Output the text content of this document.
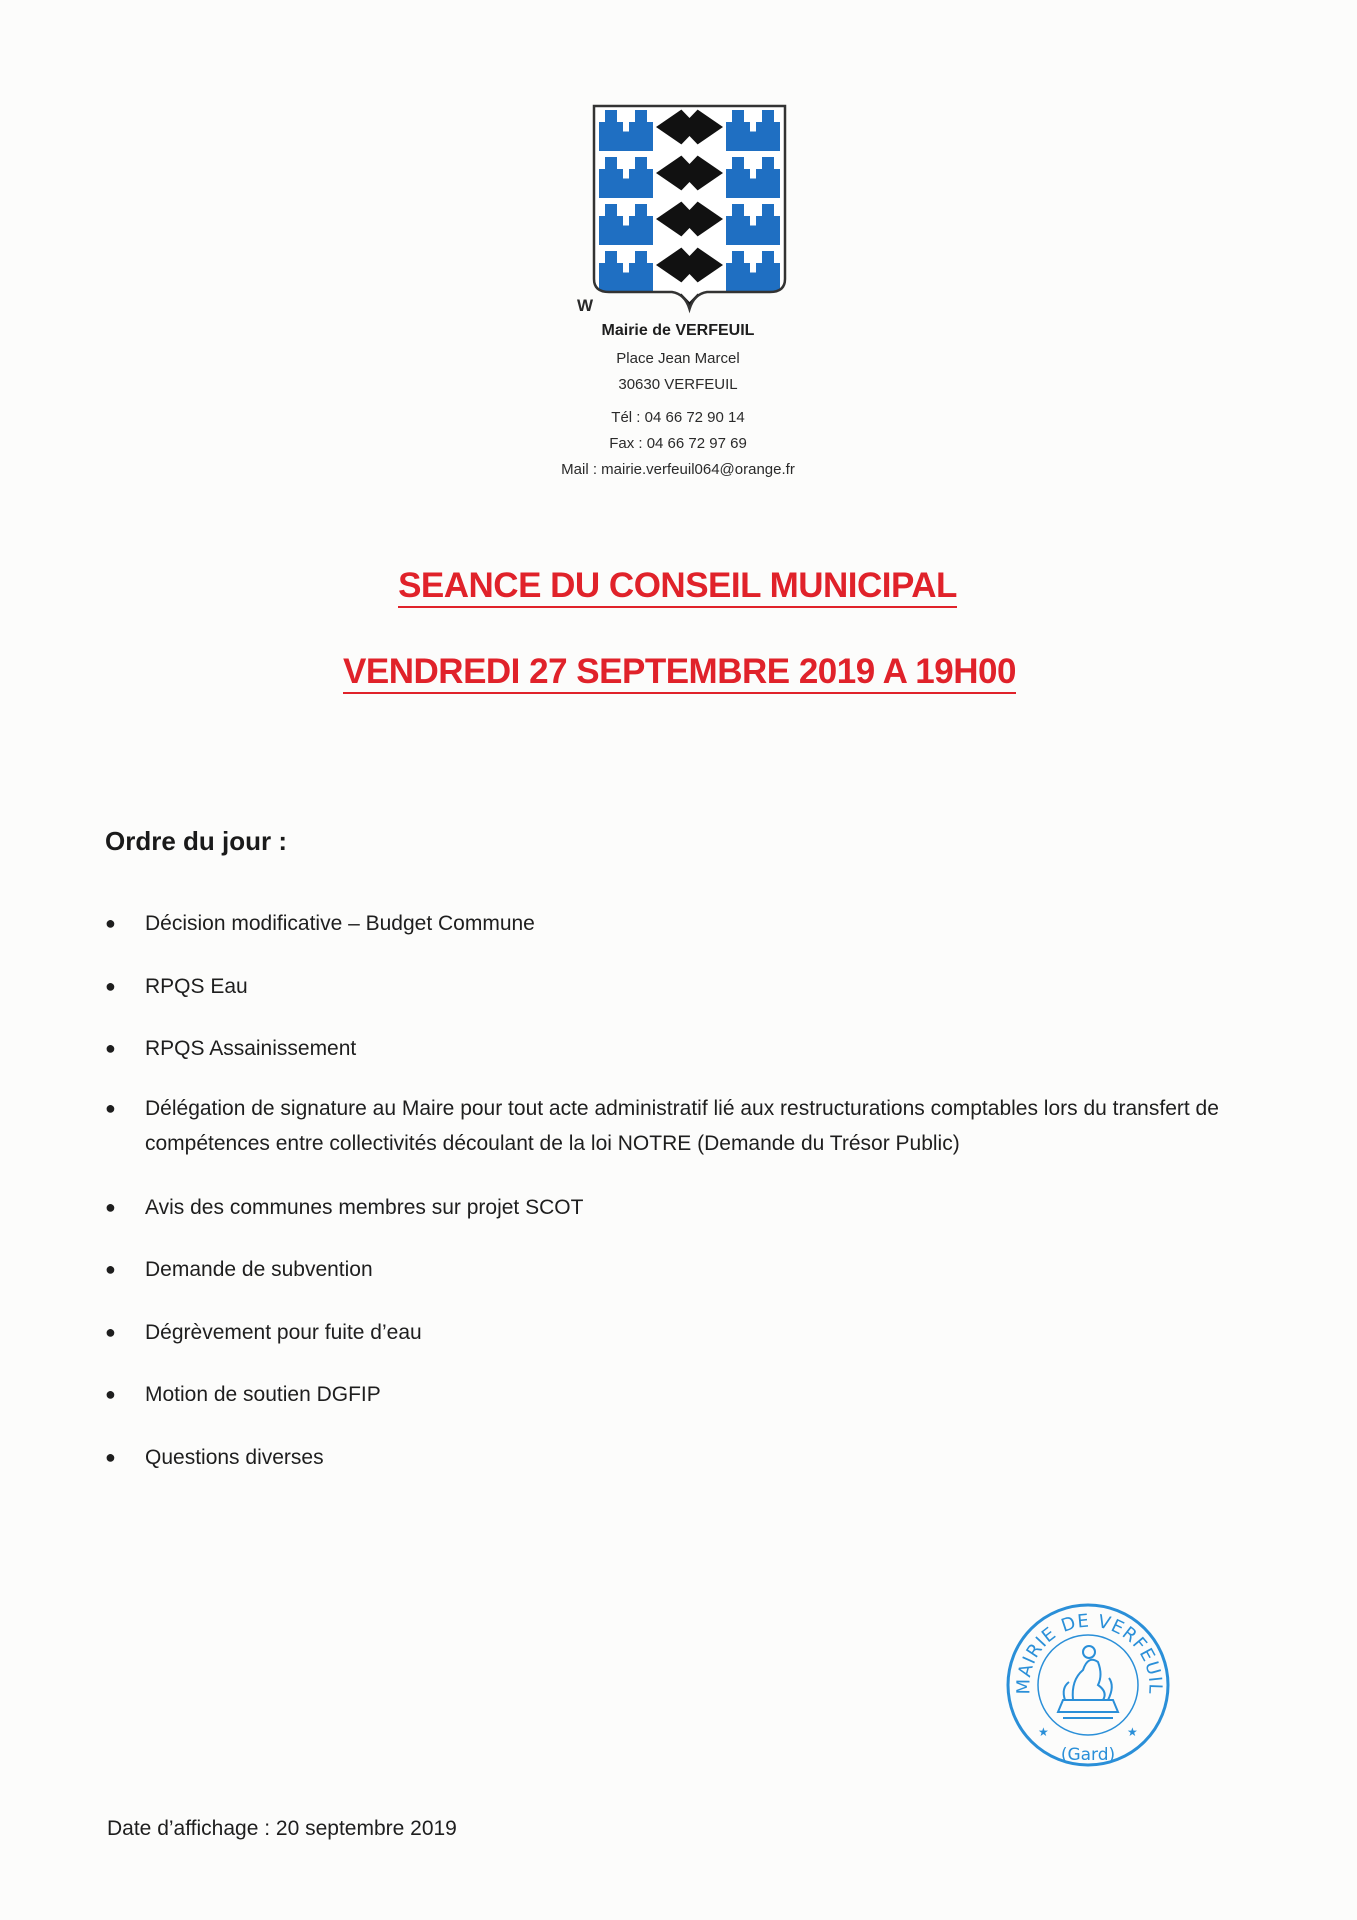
W
Mairie de VERFEUIL
Place Jean Marcel
30630 VERFEUIL
Tél : 04 66 72 90 14
Fax : 04 66 72 97 69
Mail : mairie.verfeuil064@orange.fr
SEANCE DU CONSEIL MUNICIPAL
VENDREDI 27 SEPTEMBRE 2019 A 19H00
Ordre du jour :
● Décision modificative – Budget Commune
● RPQS Eau
● RPQS Assainissement
● Délégation de signature au Maire pour tout acte administratif lié aux restructurations comptables lors du transfert de compétences entre collectivités découlant de la loi NOTRE (Demande du Trésor Public)
● Avis des communes membres sur projet SCOT
● Demande de subvention
● Dégrèvement pour fuite d’eau
● Motion de soutien DGFIP
● Questions diverses
MAIRIE DE VERFEUIL
★	★
(Gard)
Date d’affichage : 20 septembre 2019
